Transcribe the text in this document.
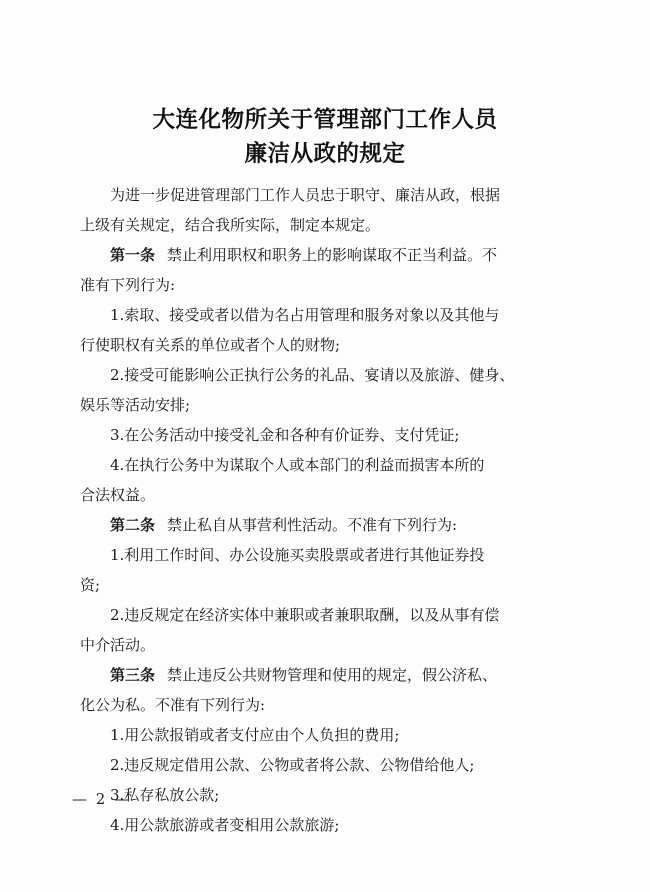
大连化物所关于管理部门工作人员
廉洁从政的规定
为进一步促进管理部门工作人员忠于职守、廉洁从政，根据
上级有关规定，结合我所实际，制定本规定。
第一条 禁止利用职权和职务上的影响谋取不正当利益。不
准有下列行为:
1.索取、接受或者以借为名占用管理和服务对象以及其他与
行使职权有关系的单位或者个人的财物;
2.接受可能影响公正执行公务的礼品、宴请以及旅游、健身、
娱乐等活动安排;
3.在公务活动中接受礼金和各种有价证券、支付凭证;
4.在执行公务中为谋取个人或本部门的利益而损害本所的
合法权益。
第二条 禁止私自从事营利性活动。不准有下列行为:
1.利用工作时间、办公设施买卖股票或者进行其他证券投
资;
2.违反规定在经济实体中兼职或者兼职取酬，以及从事有偿
中介活动。
第三条 禁止违反公共财物管理和使用的规定，假公济私、
化公为私。不准有下列行为:
1.用公款报销或者支付应由个人负担的费用;
2.违反规定借用公款、公物或者将公款、公物借给他人;
3.私存私放公款;
4.用公款旅游或者变相用公款旅游;
— 2 —
